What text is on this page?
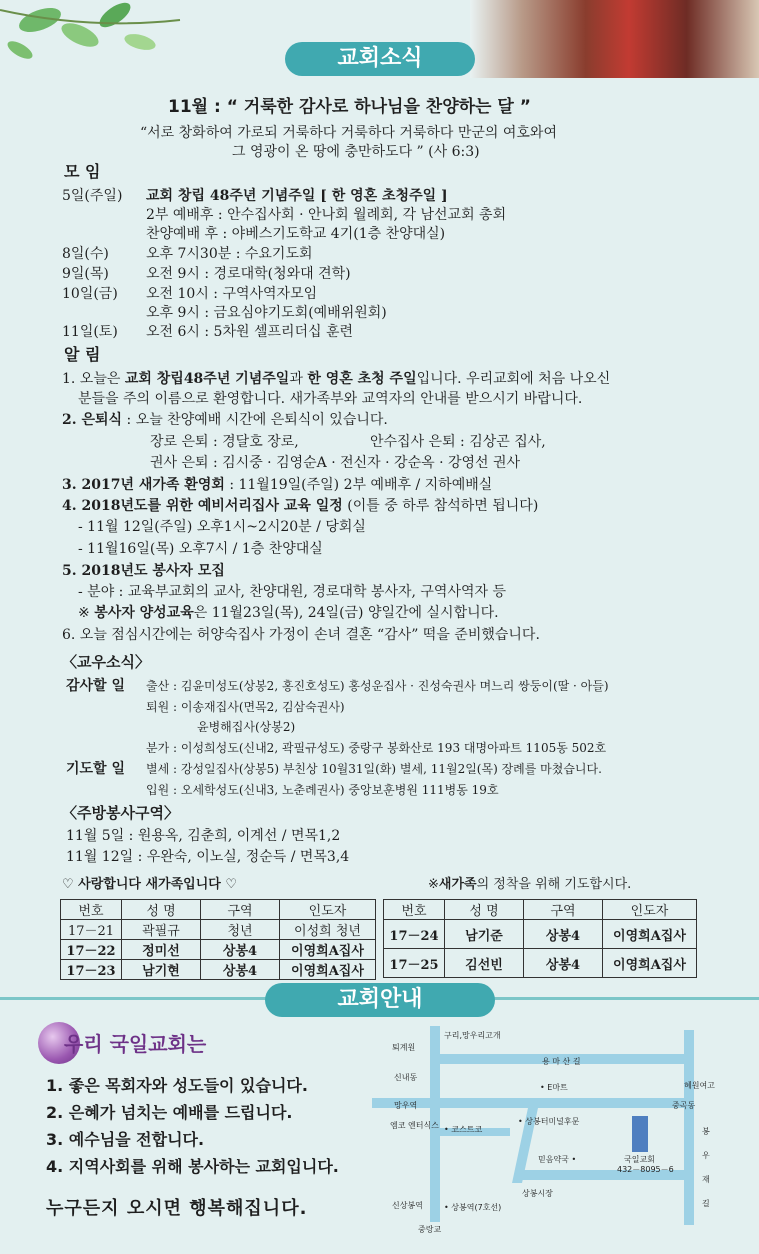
교회소식
11월 : “ 거룩한 감사로 하나님을 찬양하는 달 ”
“서로 창화하여 가로되 거룩하다 거룩하다 거룩하다 만군의 여호와여
그 영광이 온 땅에 충만하도다 ” (사 6:3)
모 임
5일(주일) 교회 창립 48주년 기념주일 [ 한 영혼 초청주일 ]
2부 예배후 : 안수집사회 · 안나회 월례회, 각 남선교회 총회
찬양예배 후 : 야베스기도학교 4기(1층 찬양대실)
8일(수)	오후 7시30분 : 수요기도회
9일(목)	오전 9시 : 경로대학(청와대 견학)
10일(금) 오전 10시 : 구역사역자모임
오후 9시 : 금요심야기도회(예배위원회)
11일(토) 오전 6시 : 5차원 셀프리더십 훈련
알 림
1. 오늘은 교회 창립48주년 기념주일과 한 영혼 초청 주일입니다. 우리교회에 처음 나오신
분들을 주의 이름으로 환영합니다. 새가족부와 교역자의 안내를 받으시기 바랍니다.
2. 은퇴식 : 오늘 찬양예배 시간에 은퇴식이 있습니다.
장로 은퇴 : 경달호 장로,	안수집사 은퇴 : 김상곤 집사,
권사 은퇴 : 김시중 · 김영순A · 전신자 · 강순옥 · 강영선 권사
3. 2017년 새가족 환영회 : 11월19일(주일) 2부 예배후 / 지하예배실
4. 2018년도를 위한 예비서리집사 교육 일정 (이틀 중 하루 참석하면 됩니다)
- 11월 12일(주일) 오후1시~2시20분 / 당회실
- 11월16일(목) 오후7시 / 1층 찬양대실
5. 2018년도 봉사자 모집
- 분야 : 교육부교회의 교사, 찬양대원, 경로대학 봉사자, 구역사역자 등
※ 봉사자 양성교육은 11월23일(목), 24일(금) 양일간에 실시합니다.
6. 오늘 점심시간에는 허양숙집사 가정이 손녀 결혼 “감사” 떡을 준비했습니다.
〈교우소식〉
감사할 일 출산 : 김윤미성도(상봉2, 홍진호성도) 홍성운집사 · 진성숙권사 며느리 쌍둥이(딸 · 아들)
퇴원 : 이송재집사(면목2, 김삼숙권사)
윤병해집사(상봉2)
분가 : 이성희성도(신내2, 곽필규성도) 중랑구 봉화산로 193 대명아파트 1105동 502호
기도할 일 별세 : 강성일집사(상봉5) 부친상 10월31일(화) 별세, 11월2일(목) 장례를 마쳤습니다.
입원 : 오세학성도(신내3, 노춘례권사) 중앙보훈병원 111병동 19호
〈주방봉사구역〉
11월 5일 : 원용옥, 김춘희, 이계선 / 면목1,2
11월 12일 : 우완숙, 이노실, 정순득 / 면목3,4
♡ 사랑합니다 새가족입니다 ♡	※새가족의 정착을 위해 기도합시다.
번호	성 명	구역	인도자
17－21	곽필규	청년	이성희 청년
17－22	정미선	상봉4	이영희A집사
17－23	남기현	상봉4	이영희A집사
번호	성 명	구역	인도자
17－24	남기준	상봉4	이영희A집사
17－25	김선빈	상봉4	이영희A집사
교회안내
우리 국일교회는
1. 좋은 목회자와 성도들이 있습니다.
2. 은혜가 넘치는 예배를 드립니다.
3. 예수님을 전합니다.
4. 지역사회를 위해 봉사하는 교회입니다.
누구든지 오시면 행복해집니다.
구리,망우리고개
퇴계원
용 마 산 길
신내동
• E마트	혜원여고
망우역	중곡동
엠코 엔터식스 • 코스트코
• 상봉터미널후문
국일교회
432－8095－6
믿음약국 •
봉 우 재 길
상봉시장
신상봉역	• 상봉역(7호선)
중랑교
